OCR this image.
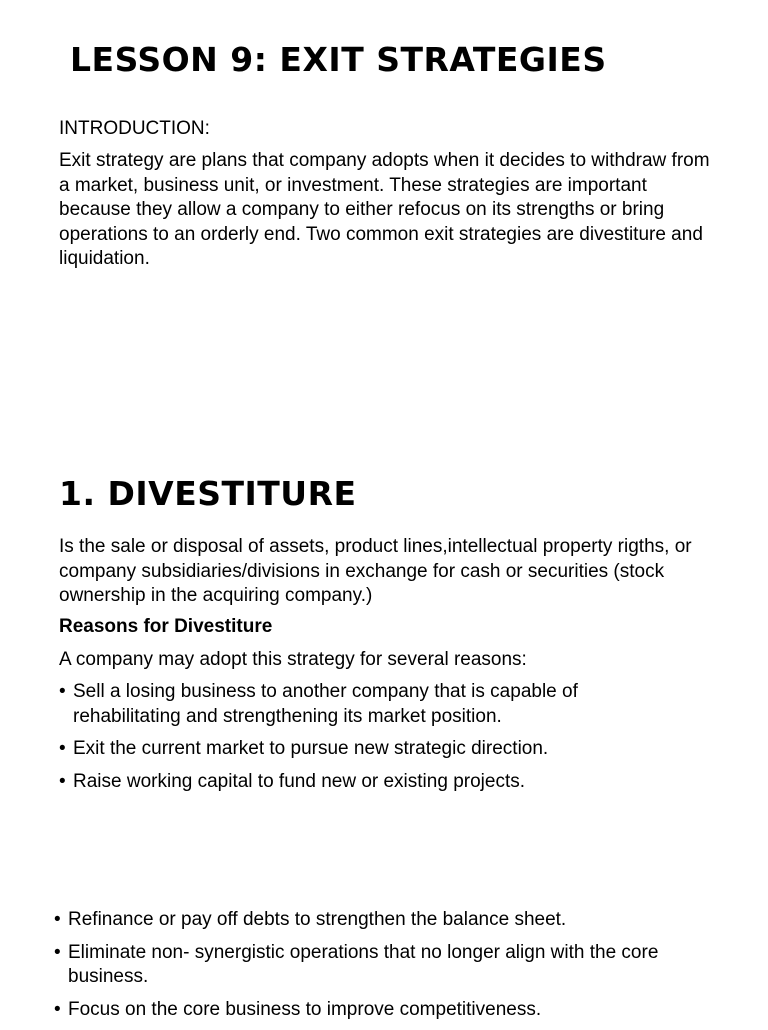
LESSON 9: EXIT STRATEGIES

INTRODUCTION:

Exit strategy are plans that company adopts when it decides to withdraw from a market, business unit, or investment. These strategies are important because they allow a company to either refocus on its strengths or bring operations to an orderly end. Two common exit strategies are divestiture and liquidation.

1. DIVESTITURE

Is the sale or disposal of assets, product lines,intellectual property rigths, or company subsidiaries/divisions in exchange for cash or securities (stock ownership in the acquiring company.)

Reasons for Divestiture

A company may adopt this strategy for several reasons:

• Sell a losing business to another company that is capable of rehabilitating and strengthening its market position.
• Exit the current market to pursue new strategic direction.
• Raise working capital to fund new or existing projects.
• Refinance or pay off debts to strengthen the balance sheet.
• Eliminate non- synergistic operations that no longer align with the core business.
• Focus on the core business to improve competitiveness.
